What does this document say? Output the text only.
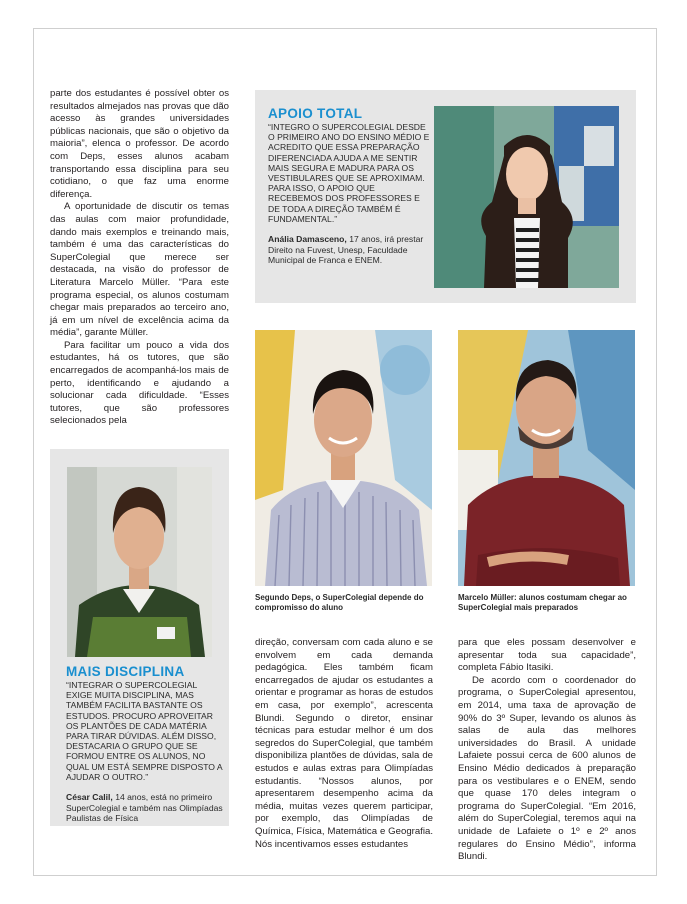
parte dos estudantes é possível obter os resultados almejados nas provas que dão acesso às grandes universidades públicas nacionais, que são o objetivo da maioria”, elenca o professor. De acordo com Deps, esses alunos acabam transportando essa disciplina para seu cotidiano, o que faz uma enorme diferença.

A oportunidade de discutir os temas das aulas com maior profundidade, dando mais exemplos e treinando mais, também é uma das características do SuperColegial que merece ser destacada, na visão do professor de Literatura Marcelo Müller. “Para este programa especial, os alunos costumam chegar mais preparados ao terceiro ano, já em um nível de excelência acima da média”, garante Müller.

Para facilitar um pouco a vida dos estudantes, há os tutores, que são encarregados de acompanhá-los mais de perto, identificando e ajudando a solucionar cada dificuldade. “Esses tutores, que são professores selecionados pela

APOIO TOTAL
“INTEGRO O SUPERCOLEGIAL DESDE O PRIMEIRO ANO DO ENSINO MÉDIO E ACREDITO QUE ESSA PREPARAÇÃO DIFERENCIADA AJUDA A ME SENTIR MAIS SEGURA E MADURA PARA OS VESTIBULARES QUE SE APROXIMAM. PARA ISSO, O APOIO QUE RECEBEMOS DOS PROFESSORES E DE TODA A DIREÇÃO TAMBÉM É FUNDAMENTAL.”
Anália Damasceno, 17 anos, irá prestar Direito na Fuvest, Unesp, Faculdade Municipal de Franca e ENEM.
Segundo Deps, o SuperColegial depende do compromisso do aluno
Marcelo Müller: alunos costumam chegar ao SuperColegial mais preparados
MAIS DISCIPLINA
“INTEGRAR O SUPERCOLEGIAL EXIGE MUITA DISCIPLINA, MAS TAMBÉM FACILITA BASTANTE OS ESTUDOS. PROCURO APROVEITAR OS PLANTÕES DE CADA MATÉRIA PARA TIRAR DÚVIDAS. ALÉM DISSO, DESTACARIA O GRUPO QUE SE FORMOU ENTRE OS ALUNOS, NO QUAL UM ESTÁ SEMPRE DISPOSTO A AJUDAR O OUTRO.”
César Calil, 14 anos, está no primeiro SuperColegial e também nas Olimpíadas Paulistas de Física

direção, conversam com cada aluno e se envolvem em cada demanda pedagógica. Eles também ficam encarregados de ajudar os estudantes a orientar e programar as horas de estudos em casa, por exemplo”, acrescenta Blundi. Segundo o diretor, ensinar técnicas para estudar melhor é um dos segredos do SuperColegial, que também disponibiliza plantões de dúvidas, sala de estudos e aulas extras para Olimpíadas estudantis. “Nossos alunos, por apresentarem desempenho acima da média, muitas vezes querem participar, por exemplo, das Olimpíadas de Química, Física, Matemática e Geografia. Nós incentivamos esses estudantes

para que eles possam desenvolver e apresentar toda sua capacidade”, completa Fábio Itasiki.

De acordo com o coordenador do programa, o SuperColegial apresentou, em 2014, uma taxa de aprovação de 90% do 3º Super, levando os alunos às salas de aula das melhores universidades do Brasil. A unidade Lafaiete possui cerca de 600 alunos de Ensino Médio dedicados à preparação para os vestibulares e o ENEM, sendo que quase 170 deles integram o programa do SuperColegial. “Em 2016, além do SuperColegial, teremos aqui na unidade de Lafaiete o 1º e 2º anos regulares do Ensino Médio”, informa Blundi.
